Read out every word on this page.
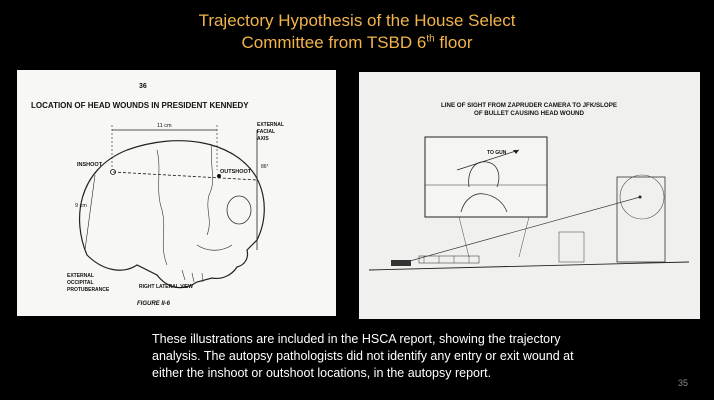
Trajectory Hypothesis of the House Select
Committee from TSBD 6th floor
36
LOCATION OF HEAD WOUNDS IN PRESIDENT KENNEDY
11 cm
INSHOOT
OUTSHOOT
86°
EXTERNAL
FACIAL
AXIS
9 cm
EXTERNAL
OCCIPITAL
PROTUBERANCE	RIGHT LATERAL VIEW
FIGURE II-6
LINE OF SIGHT FROM ZAPRUDER CAMERA TO JFK/SLOPE
OF BULLET CAUSING HEAD WOUND
TO GUN

These illustrations are included in the HSCA report, showing the trajectory

analysis. The autopsy pathologists did not identify any entry or exit wound at

either the inshoot or outshoot locations, in the autopsy report.

35
